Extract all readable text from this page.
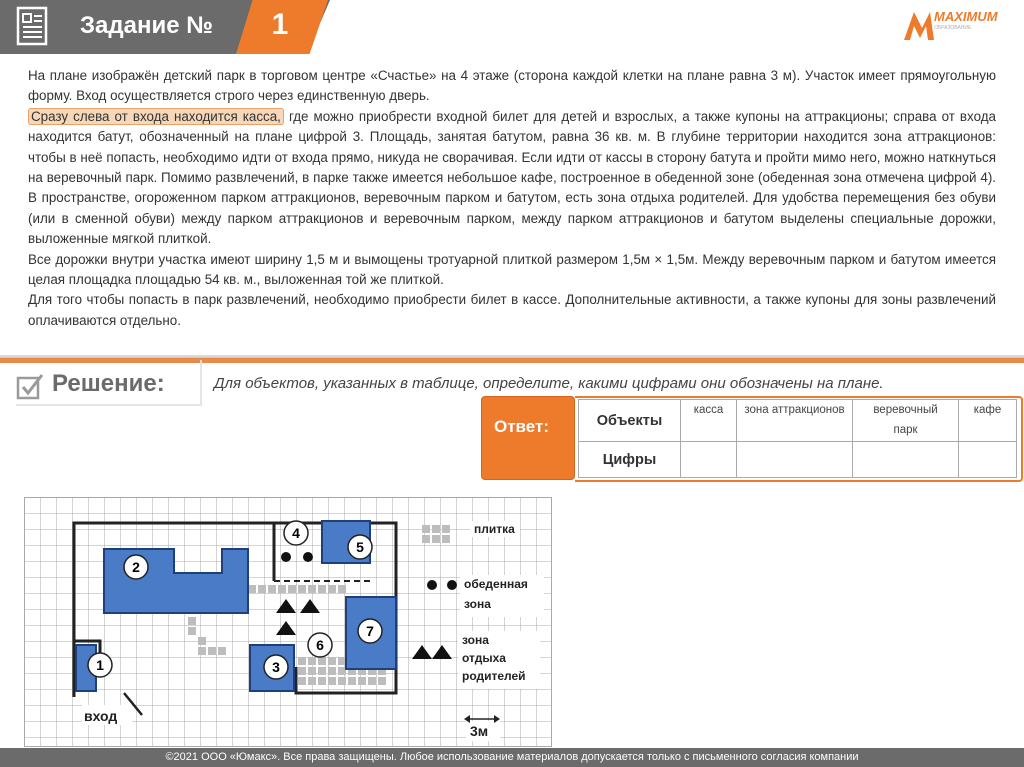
Задание № 1	MAXIMUM
ОБРАЗОВАНИЕ

На плане изображён детский парк в торговом центре «Счастье» на 4 этаже (сторона каждой клетки на плане равна 3 м). Участок имеет прямоугольную форму. Вход осуществляется строго через единственную дверь.

Сразу слева от входа находится касса, где можно приобрести входной билет для детей и взрослых, а также купоны на аттракционы; справа от входа находится батут, обозначенный на плане цифрой 3. Площадь, занятая батутом, равна 36 кв. м. В глубине территории находится зона аттракционов: чтобы в неё попасть, необходимо идти от входа прямо, никуда не сворачивая. Если идти от кассы в сторону батута и пройти мимо него, можно наткнуться на веревочный парк. Помимо развлечений, в парке также имеется небольшое кафе, построенное в обеденной зоне (обеденная зона отмечена цифрой 4). В пространстве, огороженном парком аттракционов, веревочным парком и батутом, есть зона отдыха родителей. Для удобства перемещения без обуви (или в сменной обуви) между парком аттракционов и веревочным парком, между парком аттракционов и батутом выделены специальные дорожки, выложенные мягкой плиткой.

Все дорожки внутри участка имеют ширину 1,5 м и вымощены тротуарной плиткой размером 1,5м × 1,5м. Между веревочным парком и батутом имеется целая площадка площадью 54 кв. м., выложенная той же плиткой.

Для того чтобы попасть в парк развлечений, необходимо приобрести билет в кассе. Дополнительные активности, а также купоны для зоны развлечений оплачиваются отдельно.

Решение:	Для объектов, указанных в таблице, определите, какими цифрами они обозначены на плане.
Ответ:	Объекты	касса	зона аттракционов	веревочный парк	кафе
Цифры				
1
2
3
4
5
6
7
плитка
обеденная зона
зона отдыха родителей
вход
3м
©2021 ООО «Юмакс». Все права защищены. Любое использование материалов допускается только с письменного согласия компании
